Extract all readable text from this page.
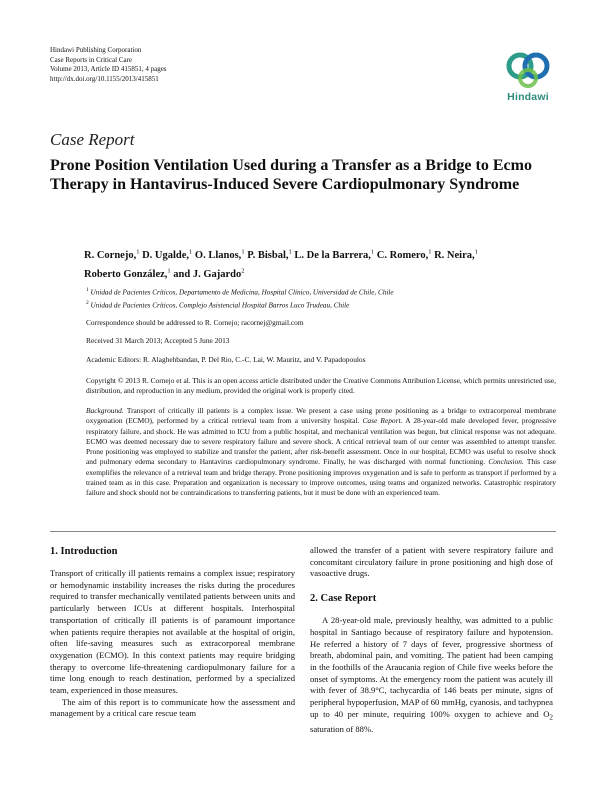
Hindawi Publishing Corporation
Case Reports in Critical Care
Volume 2013, Article ID 415851, 4 pages
http://dx.doi.org/10.1155/2013/415851
Hindawi
Case Report
Prone Position Ventilation Used during a Transfer as a Bridge to Ecmo Therapy in Hantavirus-Induced Severe Cardiopulmonary Syndrome
R. Cornejo,$^1$ D. Ugalde,$^1$ O. Llanos,$^1$ P. Bisbal,$^1$ L. De la Barrera,$^1$ C. Romero,$^1$ R. Neira,$^1$
Roberto González,$^1$ and J. Gajardo$^2$
$^1$ Unidad de Pacientes Críticos, Departamento de Medicina, Hospital Clínico, Universidad de Chile, Chile
$^2$ Unidad de Pacientes Críticos, Complejo Asistencial Hospital Barros Luco Trudeau, Chile
Correspondence should be addressed to R. Cornejo; racornej@gmail.com
Received 31 March 2013; Accepted 5 June 2013
Academic Editors: R. Alaghehbandan, P. Del Rio, C.-C. Lai, W. Mauritz, and V. Papadopoulos
Copyright © 2013 R. Cornejo et al. This is an open access article distributed under the Creative Commons Attribution License, which permits unrestricted use, distribution, and reproduction in any medium, provided the original work is properly cited.
Background. Transport of critically ill patients is a complex issue. We present a case using prone positioning as a bridge to extracorporeal membrane oxygenation (ECMO), performed by a critical retrieval team from a university hospital. Case Report. A 28-year-old male developed fever, progressive respiratory failure, and shock. He was admitted to ICU from a public hospital, and mechanical ventilation was begun, but clinical response was not adequate. ECMO was deemed necessary due to severe respiratory failure and severe shock. A critical retrieval team of our center was assembled to attempt transfer. Prone positioning was employed to stabilize and transfer the patient, after risk-benefit assessment. Once in our hospital, ECMO was useful to resolve shock and pulmonary edema secondary to Hantavirus cardiopulmonary syndrome. Finally, he was discharged with normal functioning. Conclusion. This case exemplifies the relevance of a retrieval team and bridge therapy. Prone positioning improves oxygenation and is safe to perform as transport if performed by a trained team as in this case. Preparation and organization is necessary to improve outcomes, using teams and organized networks. Catastrophic respiratory failure and shock should not be contraindications to transferring patients, but it must be done with an experienced team.
1. Introduction

Transport of critically ill patients remains a complex issue; respiratory or hemodynamic instability increases the risks during the procedures required to transfer mechanically ventilated patients between units and particularly between ICUs at different hospitals. Interhospital transportation of critically ill patients is of paramount importance when patients require therapies not available at the hospital of origin, often life-saving measures such as extracorporeal membrane oxygenation (ECMO). In this context patients may require bridging therapy to overcome life-threatening cardiopulmonary failure for a time long enough to reach destination, performed by a specialized team, experienced in those measures.

The aim of this report is to communicate how the assessment and management by a critical care rescue team

allowed the transfer of a patient with severe respiratory failure and concomitant circulatory failure in prone positioning and high dose of vasoactive drugs.

2. Case Report

A 28-year-old male, previously healthy, was admitted to a public hospital in Santiago because of respiratory failure and hypotension. He referred a history of 7 days of fever, progressive shortness of breath, abdominal pain, and vomiting. The patient had been camping in the foothills of the Araucania region of Chile five weeks before the onset of symptoms. At the emergency room the patient was acutely ill with fever of 38.9°C, tachycardia of 146 beats per minute, signs of peripheral hypoperfusion, MAP of 60 mmHg, cyanosis, and tachypnea up to 40 per minute, requiring 100% oxygen to achieve and $O_2$ saturation of 88%.
